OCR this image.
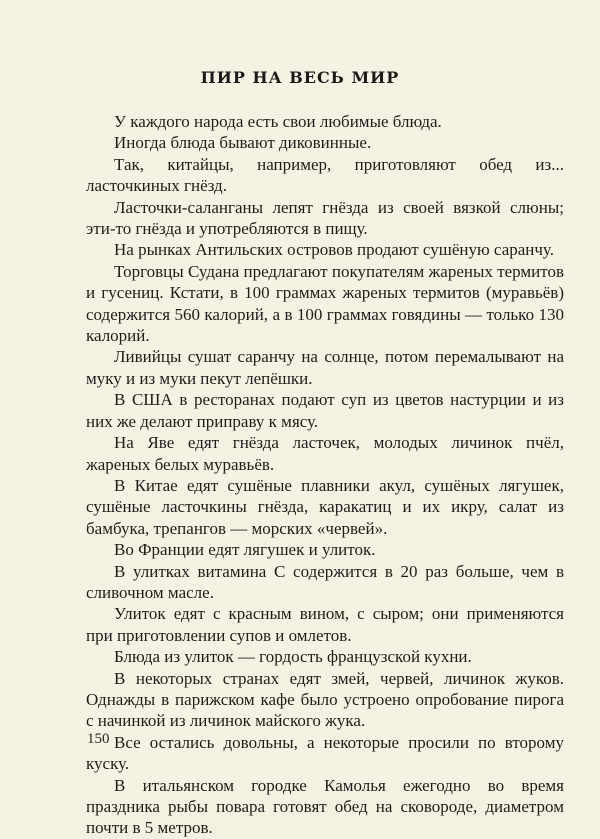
ПИР НА ВЕСЬ МИР

У каждого народа есть свои любимые блюда.

Иногда блюда бывают диковинные.

Так, китайцы, например, приготовляют обед из... ласточкиных гнёзд.

Ласточки-саланганы лепят гнёзда из своей вязкой слюны; эти-то гнёзда и употребляются в пищу.

На рынках Антильских островов продают сушёную саранчу.

Торговцы Судана предлагают покупателям жареных термитов и гусениц. Кстати, в 100 граммах жареных термитов (муравьёв) содержится 560 калорий, а в 100 граммах говядины — только 130 калорий.

Ливийцы сушат саранчу на солнце, потом перемалывают на муку и из муки пекут лепёшки.

В США в ресторанах подают суп из цветов настурции и из них же делают приправу к мясу.

На Яве едят гнёзда ласточек, молодых личинок пчёл, жареных белых муравьёв.

В Китае едят сушёные плавники акул, сушёных лягушек, сушёные ласточкины гнёзда, каракатиц и их икру, салат из бамбука, трепангов — морских «червей».

Во Франции едят лягушек и улиток.

В улитках витамина С содержится в 20 раз больше, чем в сливочном масле.

Улиток едят с красным вином, с сыром; они применяются при приготовлении супов и омлетов.

Блюда из улиток — гордость французской кухни.

В некоторых странах едят змей, червей, личинок жуков. Однажды в парижском кафе было устроено опробование пирога с начинкой из личинок майского жука.

Все остались довольны, а некоторые просили по второму куску.

В итальянском городке Камолья ежегодно во время праздника рыбы повара готовят обед на сковороде, диаметром почти в 5 метров.

150
